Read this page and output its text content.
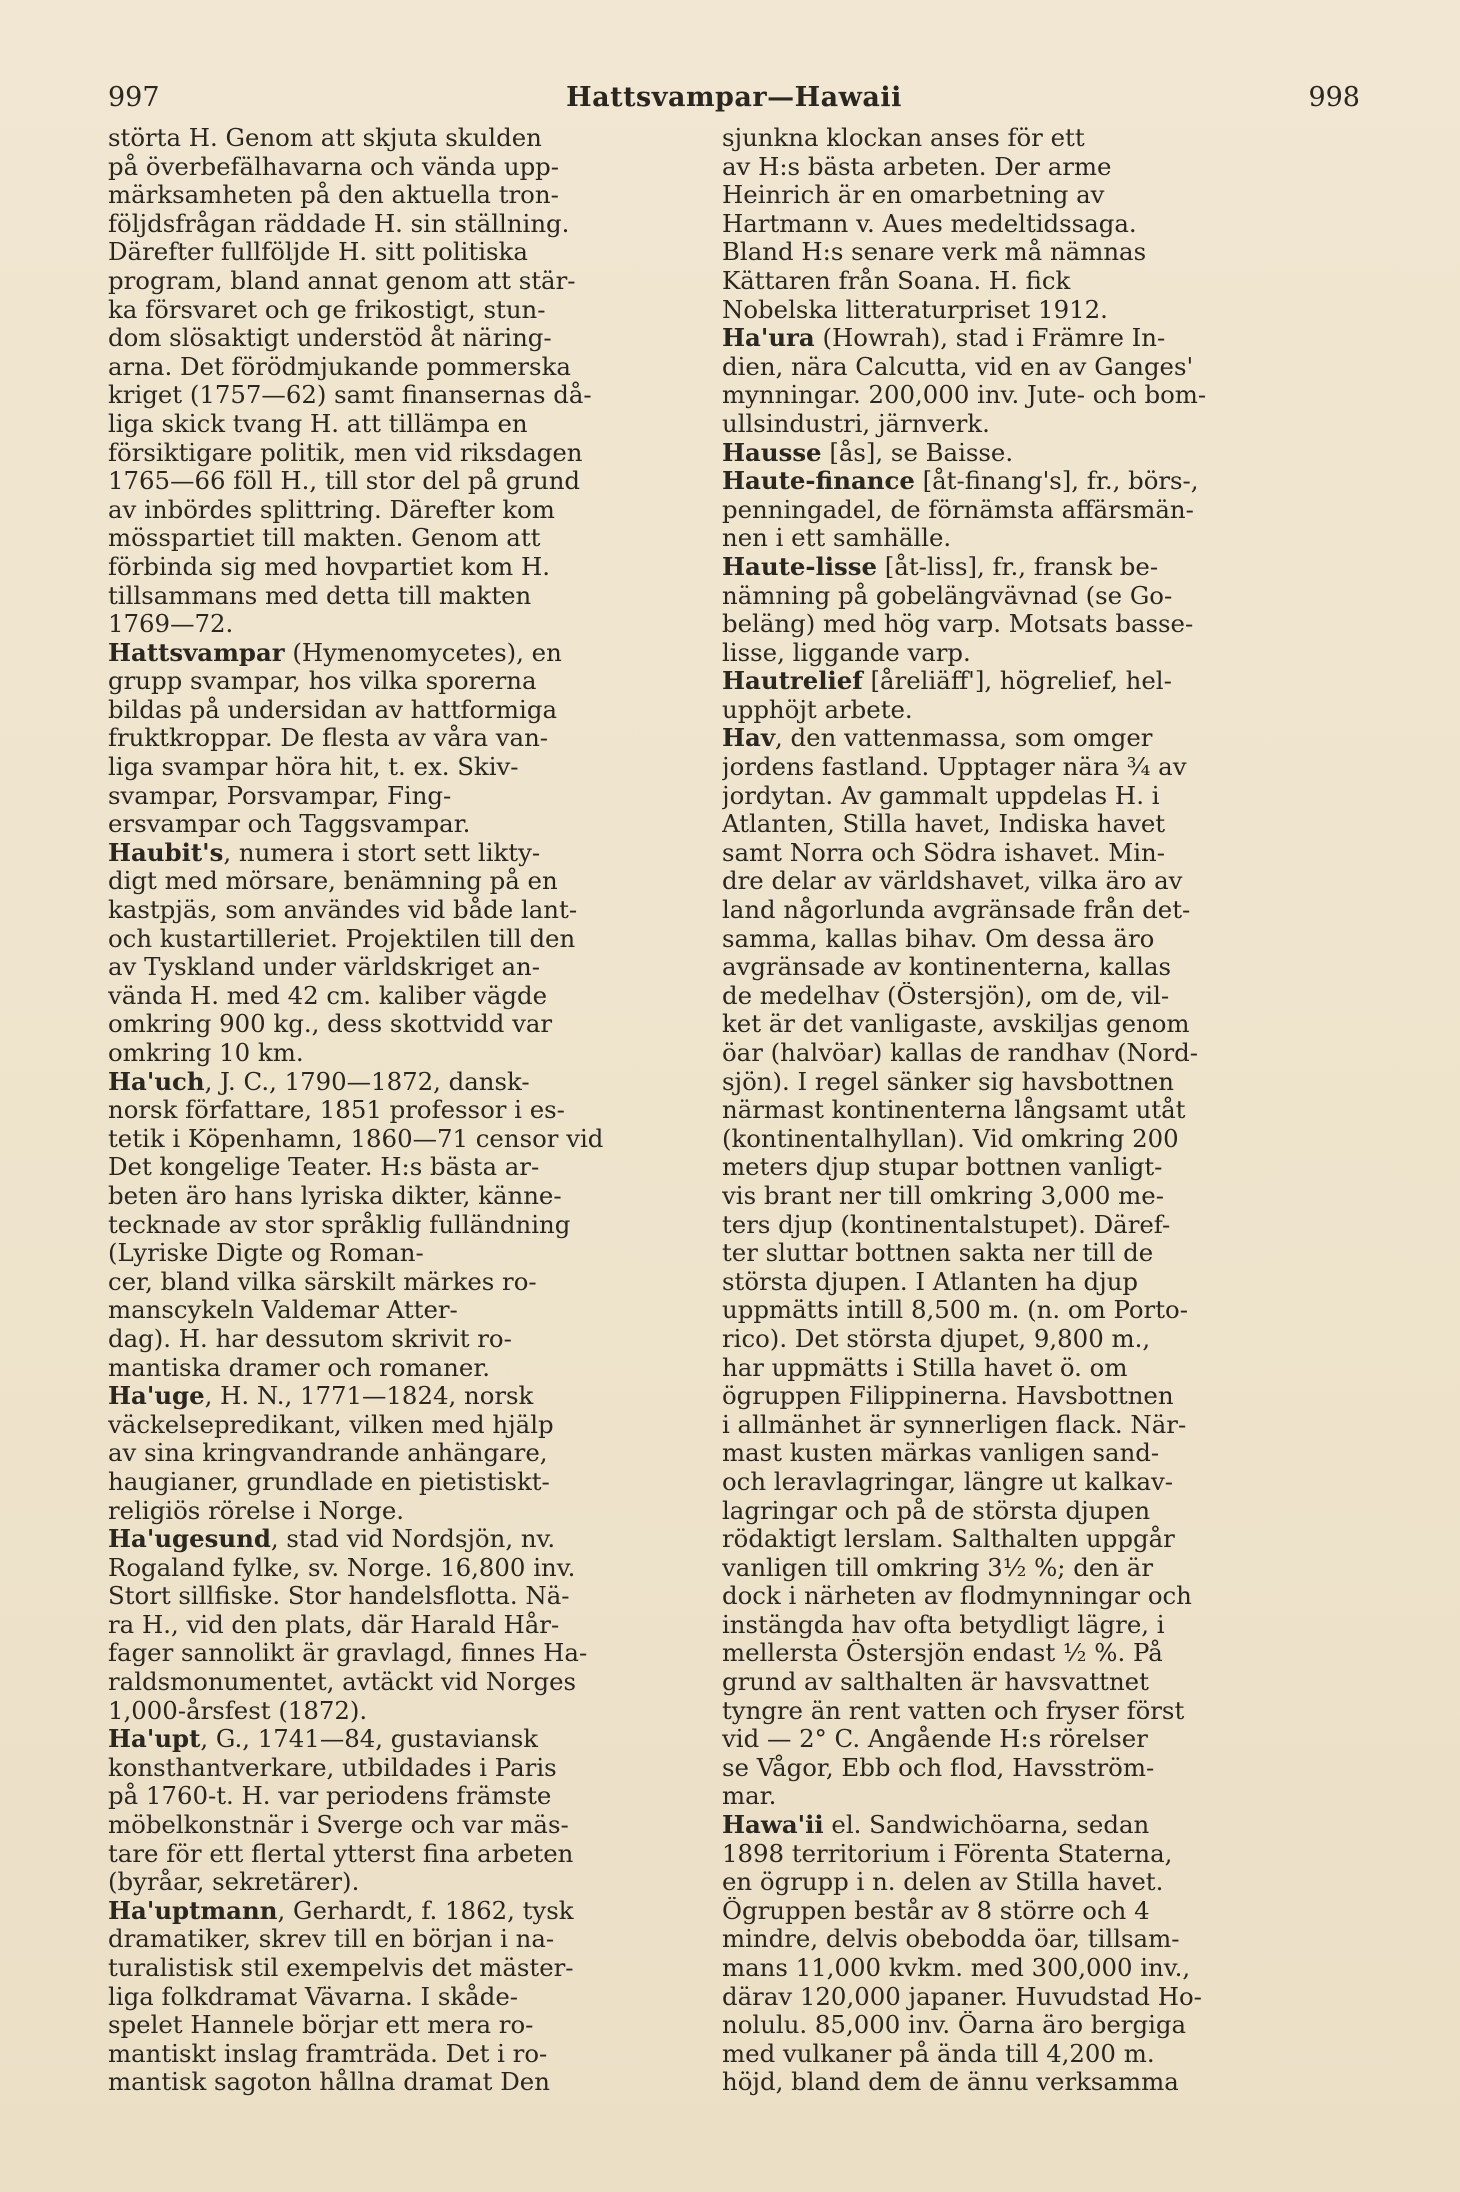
997	Hattsvampar—Hawaii	998
störta H. Genom att skjuta skulden
på överbefälhavarna och vända upp-
märksamheten på den aktuella tron-
följdsfrågan räddade H. sin ställning.
Därefter fullföljde H. sitt politiska
program, bland annat genom att stär-
ka försvaret och ge frikostigt, stun-
dom slösaktigt understöd åt näring-
arna. Det förödmjukande pommerska
kriget (1757—62) samt finansernas då-
liga skick tvang H. att tillämpa en
försiktigare politik, men vid riksdagen
1765—66 föll H., till stor del på grund
av inbördes splittring. Därefter kom
mösspartiet till makten. Genom att
förbinda sig med hovpartiet kom H.
tillsammans med detta till makten
1769—72.
Hattsvampar (Hymenomycetes), en
grupp svampar, hos vilka sporerna
bildas på undersidan av hattformiga
fruktkroppar. De flesta av våra van-
liga svampar höra hit, t. ex. Skiv-
svampar, Porsvampar, Fing-
ersvampar och Taggsvampar.
Haubit's, numera i stort sett likty-
digt med mörsare, benämning på en
kastpjäs, som användes vid både lant-
och kustartilleriet. Projektilen till den
av Tyskland under världskriget an-
vända H. med 42 cm. kaliber vägde
omkring 900 kg., dess skottvidd var
omkring 10 km.
Ha'uch, J. C., 1790—1872, dansk-
norsk författare, 1851 professor i es-
tetik i Köpenhamn, 1860—71 censor vid
Det kongelige Teater. H:s bästa ar-
beten äro hans lyriska dikter, känne-
tecknade av stor språklig fulländning
(Lyriske Digte og Roman-
cer, bland vilka särskilt märkes ro-
manscykeln Valdemar Atter-
dag). H. har dessutom skrivit ro-
mantiska dramer och romaner.
Ha'uge, H. N., 1771—1824, norsk
väckelsepredikant, vilken med hjälp
av sina kringvandrande anhängare,
haugianer, grundlade en pietistiskt-
religiös rörelse i Norge.
Ha'ugesund, stad vid Nordsjön, nv.
Rogaland fylke, sv. Norge. 16,800 inv.
Stort sillfiske. Stor handelsflotta. Nä-
ra H., vid den plats, där Harald Hår-
fager sannolikt är gravlagd, finnes Ha-
raldsmonumentet, avtäckt vid Norges
1,000-årsfest (1872).
Ha'upt, G., 1741—84, gustaviansk
konsthantverkare, utbildades i Paris
på 1760-t. H. var periodens främste
möbelkonstnär i Sverge och var mäs-
tare för ett flertal ytterst fina arbeten
(byråar, sekretärer).
Ha'uptmann, Gerhardt, f. 1862, tysk
dramatiker, skrev till en början i na-
turalistisk stil exempelvis det mäster-
liga folkdramat Vävarna. I skåde-
spelet Hannele börjar ett mera ro-
mantiskt inslag framträda. Det i ro-
mantisk sagoton hållna dramat Den
sjunkna klockan anses för ett
av H:s bästa arbeten. Der arme
Heinrich är en omarbetning av
Hartmann v. Aues medeltidssaga.
Bland H:s senare verk må nämnas
Kättaren från Soana. H. fick
Nobelska litteraturpriset 1912.
Ha'ura (Howrah), stad i Främre In-
dien, nära Calcutta, vid en av Ganges'
mynningar. 200,000 inv. Jute- och bom-
ullsindustri, järnverk.
Hausse [ås], se Baisse.
Haute-finance [åt-finang's], fr., börs-,
penningadel, de förnämsta affärsmän-
nen i ett samhälle.
Haute-lisse [åt-liss], fr., fransk be-
nämning på gobelängvävnad (se Go-
beläng) med hög varp. Motsats basse-
lisse, liggande varp.
Hautrelief [åreliäff'], högrelief, hel-
upphöjt arbete.
Hav, den vattenmassa, som omger
jordens fastland. Upptager nära ¾ av
jordytan. Av gammalt uppdelas H. i
Atlanten, Stilla havet, Indiska havet
samt Norra och Södra ishavet. Min-
dre delar av världshavet, vilka äro av
land någorlunda avgränsade från det-
samma, kallas bihav. Om dessa äro
avgränsade av kontinenterna, kallas
de medelhav (Östersjön), om de, vil-
ket är det vanligaste, avskiljas genom
öar (halvöar) kallas de randhav (Nord-
sjön). I regel sänker sig havsbottnen
närmast kontinenterna långsamt utåt
(kontinentalhyllan). Vid omkring 200
meters djup stupar bottnen vanligt-
vis brant ner till omkring 3,000 me-
ters djup (kontinentalstupet). Däref-
ter sluttar bottnen sakta ner till de
största djupen. I Atlanten ha djup
uppmätts intill 8,500 m. (n. om Porto-
rico). Det största djupet, 9,800 m.,
har uppmätts i Stilla havet ö. om
ögruppen Filippinerna. Havsbottnen
i allmänhet är synnerligen flack. När-
mast kusten märkas vanligen sand-
och leravlagringar, längre ut kalkav-
lagringar och på de största djupen
rödaktigt lerslam. Salthalten uppgår
vanligen till omkring 3½ %; den är
dock i närheten av flodmynningar och
instängda hav ofta betydligt lägre, i
mellersta Östersjön endast ½ %. På
grund av salthalten är havsvattnet
tyngre än rent vatten och fryser först
vid — 2° C. Angående H:s rörelser
se Vågor, Ebb och flod, Havsström-
mar.
Hawa'ii el. Sandwichöarna, sedan
1898 territorium i Förenta Staterna,
en ögrupp i n. delen av Stilla havet.
Ögruppen består av 8 större och 4
mindre, delvis obebodda öar, tillsam-
mans 11,000 kvkm. med 300,000 inv.,
därav 120,000 japaner. Huvudstad Ho-
nolulu. 85,000 inv. Öarna äro bergiga
med vulkaner på ända till 4,200 m.
höjd, bland dem de ännu verksamma
